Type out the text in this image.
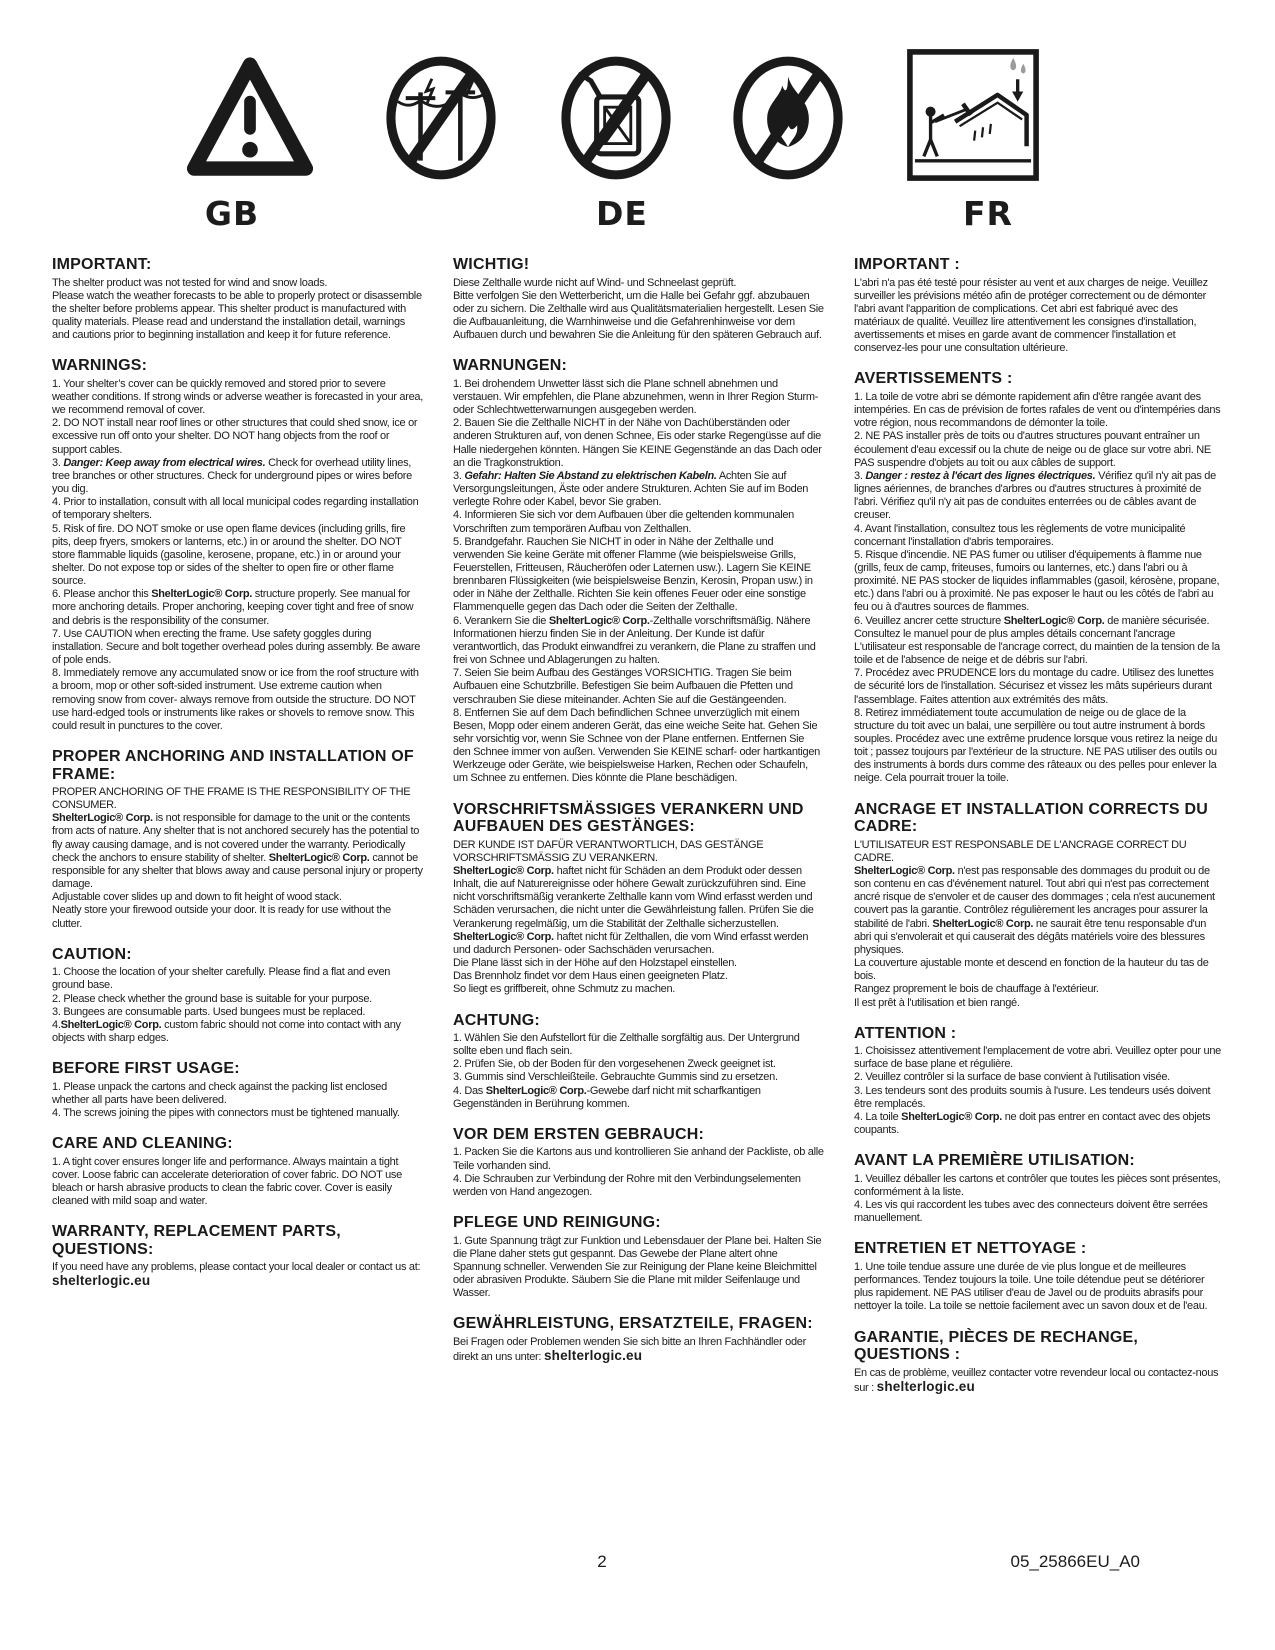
GB	DE	FR
IMPORTANT:

The shelter product was not tested for wind and snow loads.

Please watch the weather forecasts to be able to properly protect or disassemble the shelter before problems appear. This shelter product is manufactured with quality materials. Please read and understand the installation detail, warnings and cautions prior to beginning installation and keep it for future reference.

WARNINGS:

1. Your shelter’s cover can be quickly removed and stored prior to severe weather conditions. If strong winds or adverse weather is forecasted in your area, we recommend removal of cover.

2. DO NOT install near roof lines or other structures that could shed snow, ice or excessive run off onto your shelter. DO NOT hang objects from the roof or support cables.

3. Danger: Keep away from electrical wires. Check for overhead utility lines, tree branches or other structures. Check for underground pipes or wires before you dig.

4. Prior to installation, consult with all local municipal codes regarding installation of temporary shelters.

5. Risk of fire. DO NOT smoke or use open flame devices (including grills, fire pits, deep fryers, smokers or lanterns, etc.) in or around the shelter. DO NOT store flammable liquids (gasoline, kerosene, propane, etc.) in or around your shelter. Do not expose top or sides of the shelter to open fire or other flame source.

6. Please anchor this ShelterLogic® Corp. structure properly. See manual for more anchoring details. Proper anchoring, keeping cover tight and free of snow and debris is the responsibility of the consumer.

7. Use CAUTION when erecting the frame. Use safety goggles during installation. Secure and bolt together overhead poles during assembly. Be aware of pole ends.

8. Immediately remove any accumulated snow or ice from the roof structure with a broom, mop or other soft-sided instrument. Use extreme caution when removing snow from cover- always remove from outside the structure. DO NOT use hard-edged tools or instruments like rakes or shovels to remove snow. This could result in punctures to the cover.

PROPER ANCHORING AND INSTALLATION OF FRAME:

PROPER ANCHORING OF THE FRAME IS THE RESPONSIBILITY OF THE CONSUMER.

ShelterLogic® Corp. is not responsible for damage to the unit or the contents from acts of nature. Any shelter that is not anchored securely has the potential to fly away causing damage, and is not covered under the warranty. Periodically check the anchors to ensure stability of shelter. ShelterLogic® Corp. cannot be responsible for any shelter that blows away and cause personal injury or property damage.

Adjustable cover slides up and down to fit height of wood stack.

Neatly store your firewood outside your door. It is ready for use without the clutter.

CAUTION:

1. Choose the location of your shelter carefully. Please find a flat and even ground base.

2. Please check whether the ground base is suitable for your purpose.

3. Bungees are consumable parts. Used bungees must be replaced.

4.ShelterLogic® Corp. custom fabric should not come into contact with any objects with sharp edges.

BEFORE FIRST USAGE:

1. Please unpack the cartons and check against the packing list enclosed whether all parts have been delivered.

4. The screws joining the pipes with connectors must be tightened manually.

CARE AND CLEANING:

1. A tight cover ensures longer life and performance. Always maintain a tight cover. Loose fabric can accelerate deterioration of cover fabric. DO NOT use bleach or harsh abrasive products to clean the fabric cover. Cover is easily cleaned with mild soap and water.

WARRANTY, REPLACEMENT PARTS, QUESTIONS:

If you need have any problems, please contact your local dealer or contact us at: shelterlogic.eu

WICHTIG!

Diese Zelthalle wurde nicht auf Wind- und Schneelast geprüft.

Bitte verfolgen Sie den Wetterbericht, um die Halle bei Gefahr ggf. abzubauen oder zu sichern. Die Zelthalle wird aus Qualitätsmaterialien hergestellt. Lesen Sie die Aufbauanleitung, die Warnhinweise und die Gefahrenhinweise vor dem Aufbauen durch und bewahren Sie die Anleitung für den späteren Gebrauch auf.

WARNUNGEN:

1. Bei drohendem Unwetter lässt sich die Plane schnell abnehmen und verstauen. Wir empfehlen, die Plane abzunehmen, wenn in Ihrer Region Sturm- oder Schlechtwetterwarnungen ausgegeben werden.

2. Bauen Sie die Zelthalle NICHT in der Nähe von Dachüberständen oder anderen Strukturen auf, von denen Schnee, Eis oder starke Regengüsse auf die Halle niedergehen könnten. Hängen Sie KEINE Gegenstände an das Dach oder an die Tragkonstruktion.

3. Gefahr: Halten Sie Abstand zu elektrischen Kabeln. Achten Sie auf Versorgungsleitungen, Äste oder andere Strukturen. Achten Sie auf im Boden verlegte Rohre oder Kabel, bevor Sie graben.

4. Informieren Sie sich vor dem Aufbauen über die geltenden kommunalen Vorschriften zum temporären Aufbau von Zelthallen.

5. Brandgefahr. Rauchen Sie NICHT in oder in Nähe der Zelthalle und verwenden Sie keine Geräte mit offener Flamme (wie beispielsweise Grills, Feuerstellen, Fritteusen, Räucheröfen oder Laternen usw.). Lagern Sie KEINE brennbaren Flüssigkeiten (wie beispielsweise Benzin, Kerosin, Propan usw.) in oder in Nähe der Zelthalle. Richten Sie kein offenes Feuer oder eine sonstige Flammenquelle gegen das Dach oder die Seiten der Zelthalle.

6. Verankern Sie die ShelterLogic® Corp.-Zelthalle vorschriftsmäßig. Nähere Informationen hierzu finden Sie in der Anleitung. Der Kunde ist dafür verantwortlich, das Produkt einwandfrei zu verankern, die Plane zu straffen und frei von Schnee und Ablagerungen zu halten.

7. Seien Sie beim Aufbau des Gestänges VORSICHTIG. Tragen Sie beim Aufbauen eine Schutzbrille. Befestigen Sie beim Aufbauen die Pfetten und verschrauben Sie diese miteinander. Achten Sie auf die Gestängeenden.

8. Entfernen Sie auf dem Dach befindlichen Schnee unverzüglich mit einem Besen, Mopp oder einem anderen Gerät, das eine weiche Seite hat. Gehen Sie sehr vorsichtig vor, wenn Sie Schnee von der Plane entfernen. Entfernen Sie den Schnee immer von außen. Verwenden Sie KEINE scharf- oder hartkantigen Werkzeuge oder Geräte, wie beispielsweise Harken, Rechen oder Schaufeln, um Schnee zu entfernen. Dies könnte die Plane beschädigen.

VORSCHRIFTSMÄSSIGES VERANKERN UND AUFBAUEN DES GESTÄNGES:

DER KUNDE IST DAFÜR VERANTWORTLICH, DAS GESTÄNGE VORSCHRIFTSMÄSSIG ZU VERANKERN.

ShelterLogic® Corp. haftet nicht für Schäden an dem Produkt oder dessen Inhalt, die auf Naturereignisse oder höhere Gewalt zurückzuführen sind. Eine nicht vorschriftsmäßig verankerte Zelthalle kann vom Wind erfasst werden und Schäden verursachen, die nicht unter die Gewährleistung fallen. Prüfen Sie die Verankerung regelmäßig, um die Stabilität der Zelthalle sicherzustellen.

ShelterLogic® Corp. haftet nicht für Zelthallen, die vom Wind erfasst werden und dadurch Personen- oder Sachschäden verursachen.

Die Plane lässt sich in der Höhe auf den Holzstapel einstellen.

Das Brennholz findet vor dem Haus einen geeigneten Platz.

So liegt es griffbereit, ohne Schmutz zu machen.

ACHTUNG:

1. Wählen Sie den Aufstellort für die Zelthalle sorgfältig aus. Der Untergrund sollte eben und flach sein.

2. Prüfen Sie, ob der Boden für den vorgesehenen Zweck geeignet ist.

3. Gummis sind Verschleißteile. Gebrauchte Gummis sind zu ersetzen.

4. Das ShelterLogic® Corp.-Gewebe darf nicht mit scharfkantigen Gegenständen in Berührung kommen.

VOR DEM ERSTEN GEBRAUCH:

1. Packen Sie die Kartons aus und kontrollieren Sie anhand der Packliste, ob alle Teile vorhanden sind.

4. Die Schrauben zur Verbindung der Rohre mit den Verbindungselementen werden von Hand angezogen.

PFLEGE UND REINIGUNG:

1. Gute Spannung trägt zur Funktion und Lebensdauer der Plane bei. Halten Sie die Plane daher stets gut gespannt. Das Gewebe der Plane altert ohne Spannung schneller. Verwenden Sie zur Reinigung der Plane keine Bleichmittel oder abrasiven Produkte. Säubern Sie die Plane mit milder Seifenlauge und Wasser.

GEWÄHRLEISTUNG, ERSATZTEILE, FRAGEN:

Bei Fragen oder Problemen wenden Sie sich bitte an Ihren Fachhändler oder direkt an uns unter: shelterlogic.eu

IMPORTANT :

L'abri n'a pas été testé pour résister au vent et aux charges de neige. Veuillez surveiller les prévisions météo afin de protéger correctement ou de démonter l'abri avant l'apparition de complications. Cet abri est fabriqué avec des matériaux de qualité. Veuillez lire attentivement les consignes d'installation, avertissements et mises en garde avant de commencer l'installation et conservez-les pour une consultation ultérieure.

AVERTISSEMENTS :

1. La toile de votre abri se démonte rapidement afin d'être rangée avant des intempéries. En cas de prévision de fortes rafales de vent ou d'intempéries dans votre région, nous recommandons de démonter la toile.

2. NE PAS installer près de toits ou d'autres structures pouvant entraîner un écoulement d'eau excessif ou la chute de neige ou de glace sur votre abri. NE PAS suspendre d'objets au toit ou aux câbles de support.

3. Danger : restez à l'écart des lignes électriques. Vérifiez qu'il n'y ait pas de lignes aériennes, de branches d'arbres ou d'autres structures à proximité de l'abri. Vérifiez qu'il n'y ait pas de conduites enterrées ou de câbles avant de creuser.

4. Avant l'installation, consultez tous les règlements de votre municipalité concernant l'installation d'abris temporaires.

5. Risque d'incendie. NE PAS fumer ou utiliser d'équipements à flamme nue (grills, feux de camp, friteuses, fumoirs ou lanternes, etc.) dans l'abri ou à proximité. NE PAS stocker de liquides inflammables (gasoil, kérosène, propane, etc.) dans l'abri ou à proximité. Ne pas exposer le haut ou les côtés de l'abri au feu ou à d'autres sources de flammes.

6. Veuillez ancrer cette structure ShelterLogic® Corp. de manière sécurisée. Consultez le manuel pour de plus amples détails concernant l'ancrage L'utilisateur est responsable de l'ancrage correct, du maintien de la tension de la toile et de l'absence de neige et de débris sur l'abri.

7. Procédez avec PRUDENCE lors du montage du cadre. Utilisez des lunettes de sécurité lors de l'installation. Sécurisez et vissez les mâts supérieurs durant l'assemblage. Faites attention aux extrémités des mâts.

8. Retirez immédiatement toute accumulation de neige ou de glace de la structure du toit avec un balai, une serpillère ou tout autre instrument à bords souples. Procédez avec une extrême prudence lorsque vous retirez la neige du toit ; passez toujours par l'extérieur de la structure. NE PAS utiliser des outils ou des instruments à bords durs comme des râteaux ou des pelles pour enlever la neige. Cela pourrait trouer la toile.

ANCRAGE ET INSTALLATION CORRECTS DU CADRE:

L'UTILISATEUR EST RESPONSABLE DE L'ANCRAGE CORRECT DU CADRE.

ShelterLogic® Corp. n'est pas responsable des dommages du produit ou de son contenu en cas d'événement naturel. Tout abri qui n'est pas correctement ancré risque de s'envoler et de causer des dommages ; cela n'est aucunement couvert pas la garantie. Contrôlez régulièrement les ancrages pour assurer la stabilité de l'abri. ShelterLogic® Corp. ne saurait être tenu responsable d'un abri qui s'envolerait et qui causerait des dégâts matériels voire des blessures physiques.

La couverture ajustable monte et descend en fonction de la hauteur du tas de bois.

Rangez proprement le bois de chauffage à l'extérieur.

Il est prêt à l'utilisation et bien rangé.

ATTENTION :

1. Choisissez attentivement l'emplacement de votre abri. Veuillez opter pour une surface de base plane et régulière.

2. Veuillez contrôler si la surface de base convient à l'utilisation visée.

3. Les tendeurs sont des produits soumis à l'usure. Les tendeurs usés doivent être remplacés.

4. La toile ShelterLogic® Corp. ne doit pas entrer en contact avec des objets coupants.

AVANT LA PREMIÈRE UTILISATION:

1. Veuillez déballer les cartons et contrôler que toutes les pièces sont présentes, conformément à la liste.

4. Les vis qui raccordent les tubes avec des connecteurs doivent être serrées manuellement.

ENTRETIEN ET NETTOYAGE :

1. Une toile tendue assure une durée de vie plus longue et de meilleures performances. Tendez toujours la toile. Une toile détendue peut se détériorer plus rapidement. NE PAS utiliser d'eau de Javel ou de produits abrasifs pour nettoyer la toile. La toile se nettoie facilement avec un savon doux et de l'eau.

GARANTIE, PIÈCES DE RECHANGE, QUESTIONS :

En cas de problème, veuillez contacter votre revendeur local ou contactez-nous sur : shelterlogic.eu

2	05_25866EU_A0
